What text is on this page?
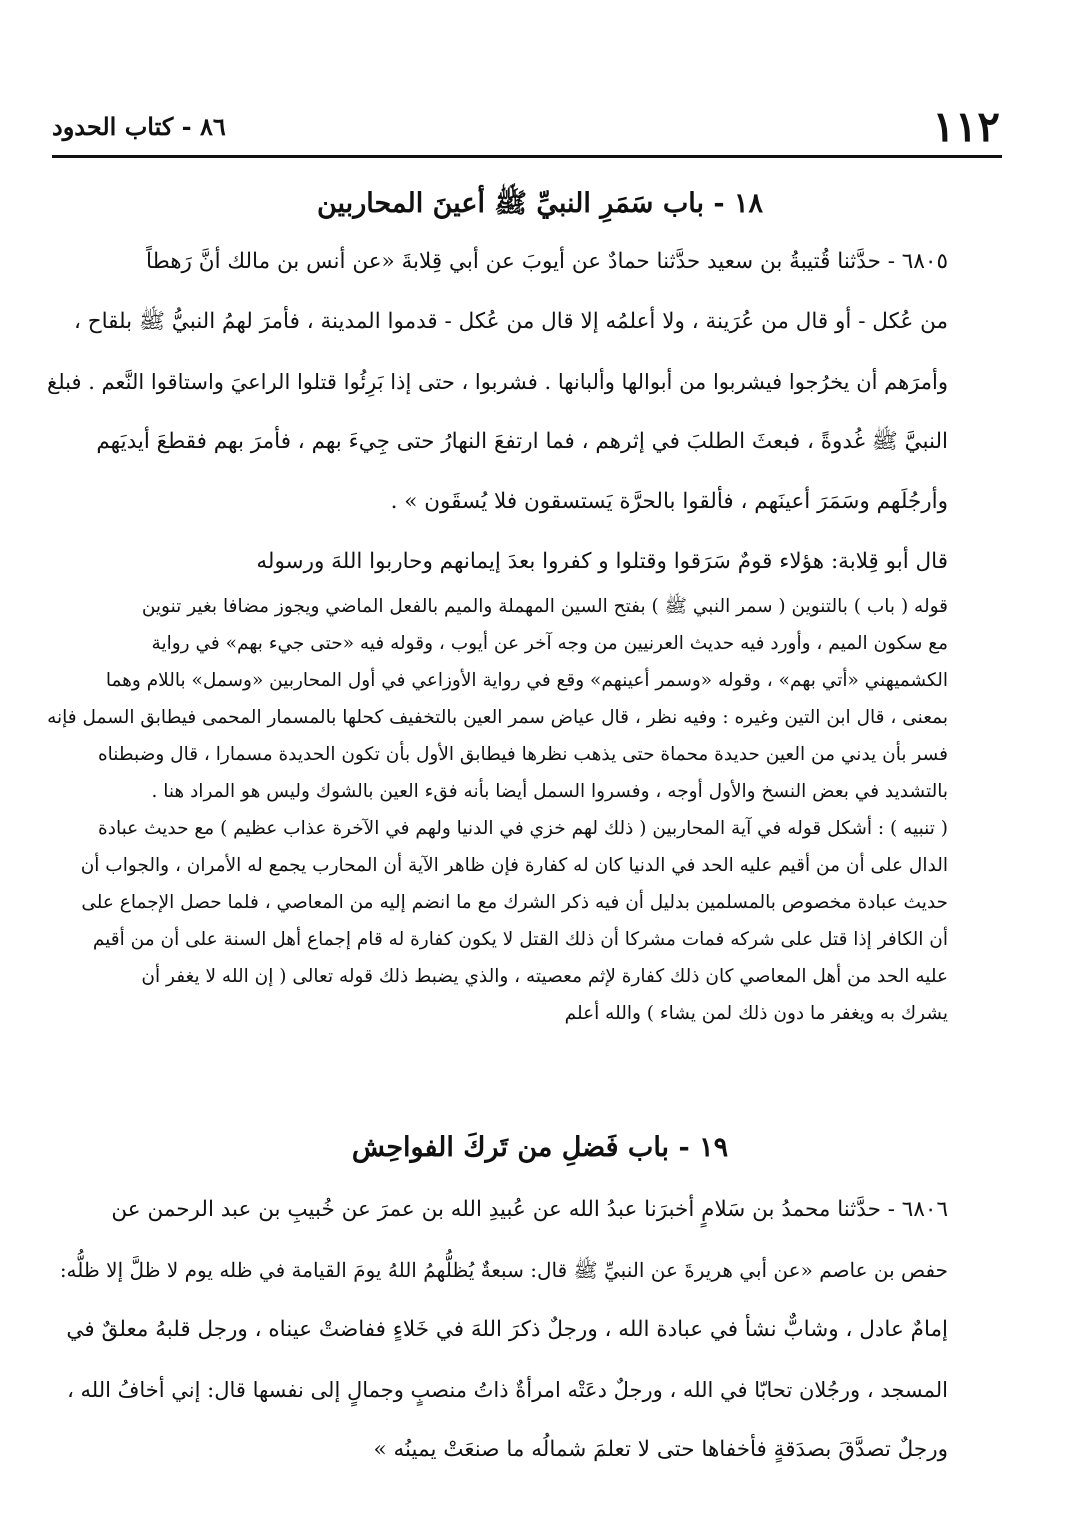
١١٢
٨٦ - كتاب الحدود
١٨ - باب سَمَرِ النبيِّ ﷺ أعينَ المحاربين
٦٨٠٥ - حدَّثنا قُتيبةُ بن سعيد حدَّثنا حمادٌ عن أيوبَ عن أبي قِلابةَ «عن أنس بن مالك أنَّ رَهطاً
من عُكل - أو قال من عُرَينة ، ولا أعلمُه إلا قال من عُكل - قدموا المدينة ، فأمرَ لهمُ النبيُّ ﷺ بلقاح ،
وأمرَهم أن يخرُجوا فيشربوا من أبوالها وألبانها . فشربوا ، حتى إذا بَرِئُوا قتلوا الراعيَ واستاقوا النَّعم . فبلغ
النبيَّ ﷺ غُدوةً ، فبعثَ الطلبَ في إثرهم ، فما ارتفعَ النهارُ حتى جِيءَ بهم ، فأمرَ بهم فقطعَ أيديَهم
وأرجُلَهم وسَمَرَ أعينَهم ، فألقوا بالحرَّة يَستسقون فلا يُسقَون » .
قال أبو قِلابة: هؤلاء قومٌ سَرَقوا وقتلوا و كفروا بعدَ إيمانهم وحاربوا اللهَ ورسوله
قوله ( باب ) بالتنوين ( سمر النبي ﷺ ) بفتح السين المهملة والميم بالفعل الماضي ويجوز مضافا بغير تنوين
مع سكون الميم ، وأورد فيه حديث العرنيين من وجه آخر عن أيوب ، وقوله فيه «حتى جيء بهم» في رواية
الكشميهني «أتي بهم» ، وقوله «وسمر أعينهم» وقع في رواية الأوزاعي في أول المحاربين «وسمل» باللام وهما
بمعنى ، قال ابن التين وغيره : وفيه نظر ، قال عياض سمر العين بالتخفيف كحلها بالمسمار المحمى فيطابق السمل فإنه
فسر بأن يدني من العين حديدة محماة حتى يذهب نظرها فيطابق الأول بأن تكون الحديدة مسمارا ، قال وضبطناه
بالتشديد في بعض النسخ والأول أوجه ، وفسروا السمل أيضا بأنه فقء العين بالشوك وليس هو المراد هنا .
( تنبيه ) : أشكل قوله في آية المحاربين ( ذلك لهم خزي في الدنيا ولهم في الآخرة عذاب عظيم ) مع حديث عبادة
الدال على أن من أقيم عليه الحد في الدنيا كان له كفارة فإن ظاهر الآية أن المحارب يجمع له الأمران ، والجواب أن
حديث عبادة مخصوص بالمسلمين بدليل أن فيه ذكر الشرك مع ما انضم إليه من المعاصي ، فلما حصل الإجماع على
أن الكافر إذا قتل على شركه فمات مشركا أن ذلك القتل لا يكون كفارة له قام إجماع أهل السنة على أن من أقيم
عليه الحد من أهل المعاصي كان ذلك كفارة لإثم معصيته ، والذي يضبط ذلك قوله تعالى ( إن الله لا يغفر أن
يشرك به ويغفر ما دون ذلك لمن يشاء ) والله أعلم
١٩ - باب فَضلِ من تَركَ الفواحِش
٦٨٠٦ - حدَّثنا محمدُ بن سَلامٍ أخبرَنا عبدُ الله عن عُبيدِ الله بن عمرَ عن خُبيبِ بن عبد الرحمن عن
حفص بن عاصم «عن أبي هريرةَ عن النبيِّ ﷺ قال: سبعةٌ يُظلُّهمُ اللهُ يومَ القيامة في ظله يوم لا ظلَّ إلا ظلُّه:
إمامٌ عادل ، وشابٌّ نشأ في عبادة الله ، ورجلٌ ذكرَ اللهَ في خَلاءٍ ففاضتْ عيناه ، ورجل قلبهُ معلقٌ في
المسجد ، ورجُلان تحابّا في الله ، ورجلٌ دعَتْه امرأةٌ ذاتُ منصبٍ وجمالٍ إلى نفسها قال: إني أخافُ الله ،
ورجلٌ تصدَّقَ بصدَقةٍ فأخفاها حتى لا تعلمَ شمالُه ما صنعَتْ يمينُه »
